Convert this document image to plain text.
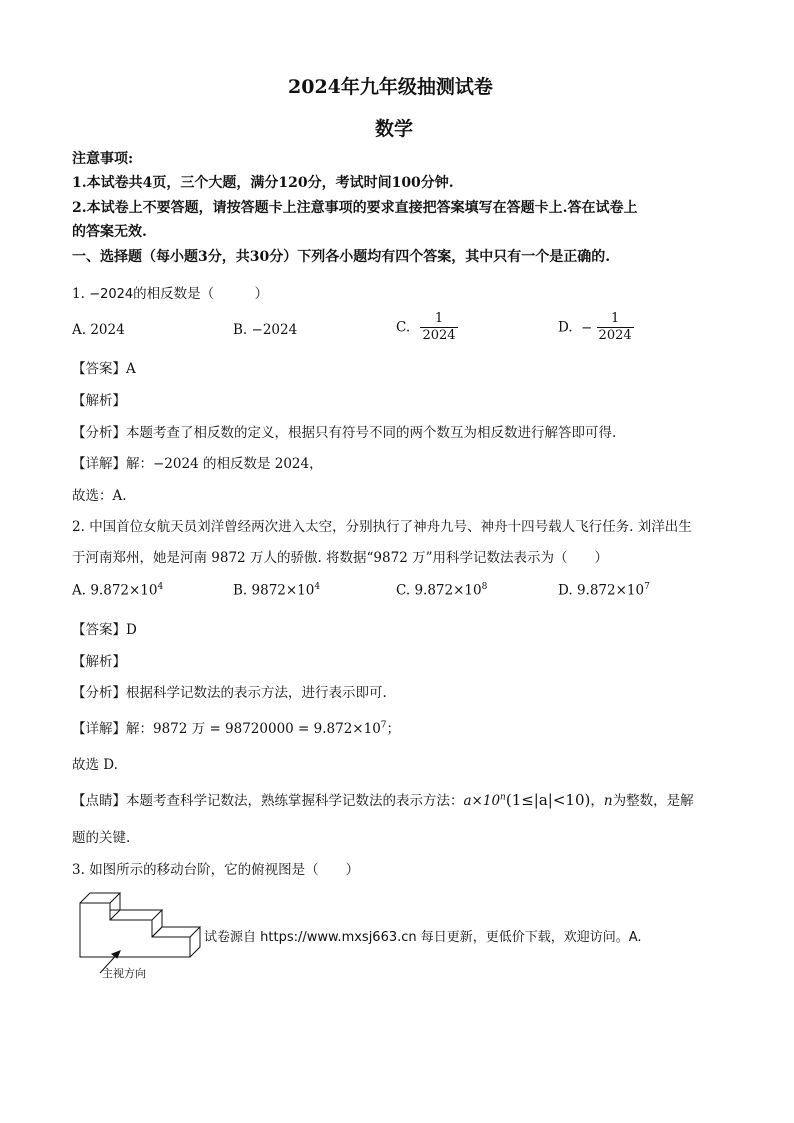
2024年九年级抽测试卷
数学
注意事项:
1.本试卷共4页，三个大题，满分120分，考试时间100分钟.
2.本试卷上不要答题，请按答题卡上注意事项的要求直接把答案填写在答题卡上.答在试卷上
的答案无效.
一、选择题（每小题3分，共30分）下列各小题均有四个答案，其中只有一个是正确的.
1. −2024的相反数是（　　　）
A. 2024	B. −2024	C. $\frac{1}{2024}$	D. − $\frac{1}{2024}$
【答案】A
【解析】
【分析】本题考查了相反数的定义，根据只有符号不同的两个数互为相反数进行解答即可得.
【详解】解：−2024 的相反数是 2024，
故选：A.
2. 中国首位女航天员刘洋曾经两次进入太空，分别执行了神舟九号、神舟十四号载人飞行任务. 刘洋出生
于河南郑州，她是河南 9872 万人的骄傲. 将数据“9872 万”用科学记数法表示为（　　）
A. $9.872\times 10^4$	B. $9872\times 10^4$	C. $9.872\times 10^8$	D. $9.872\times 10^7$
【答案】D
【解析】
【分析】根据科学记数法的表示方法，进行表示即可.
【详解】解：9872 万 = $98720000 = 9.872\times 10^7$；
故选 D.
【点睛】本题考查科学记数法，熟练掌握科学记数法的表示方法：$a\times 10^n(1\le|a|<10)$，n为整数，是解
题的关键.
3. 如图所示的移动台阶，它的俯视图是（　　）
主视方向
试卷源自 https://www.mxsj663.cn 每日更新，更低价下载，欢迎访问。A.
